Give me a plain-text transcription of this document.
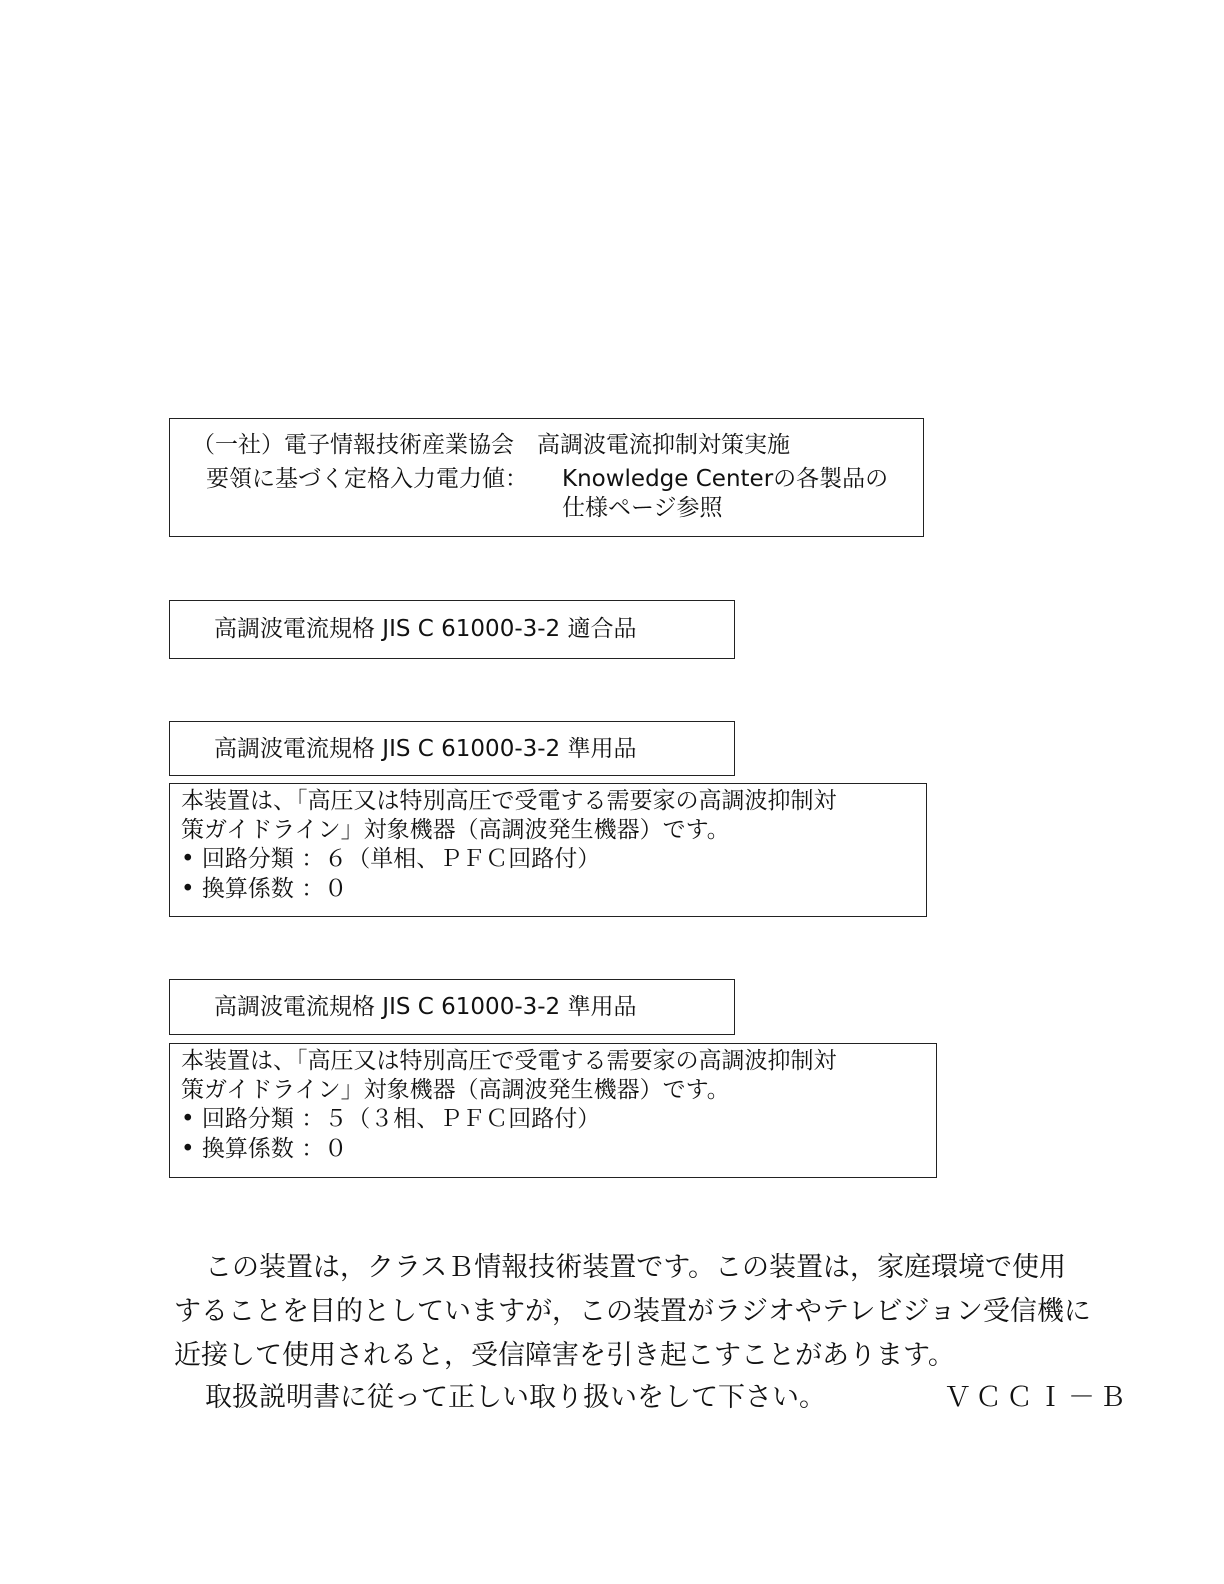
（一社）電子情報技術産業協会　高調波電流抑制対策実施
要領に基づく定格入力電力値： Knowledge Centerの各製品の
仕様ページ参照
高調波電流規格 JIS C 61000-3-2 適合品
高調波電流規格 JIS C 61000-3-2 準用品
本装置は、「高圧又は特別高圧で受電する需要家の高調波抑制対
策ガイドライン」対象機器（高調波発生機器）です。
• 回路分類 ：６（単相、ＰＦＣ回路付）
• 換算係数 ：０
高調波電流規格 JIS C 61000-3-2 準用品
本装置は、「高圧又は特別高圧で受電する需要家の高調波抑制対
策ガイドライン」対象機器（高調波発生機器）です。
• 回路分類 ：５（３相、ＰＦＣ回路付）
• 換算係数 ：０
この装置は，クラスＢ情報技術装置です。この装置は，家庭環境で使用
することを目的としていますが，この装置がラジオやテレビジョン受信機に
近接して使用されると，受信障害を引き起こすことがあります。
取扱説明書に従って正しい取り扱いをして下さい。	ＶＣＣＩ－Ｂ
